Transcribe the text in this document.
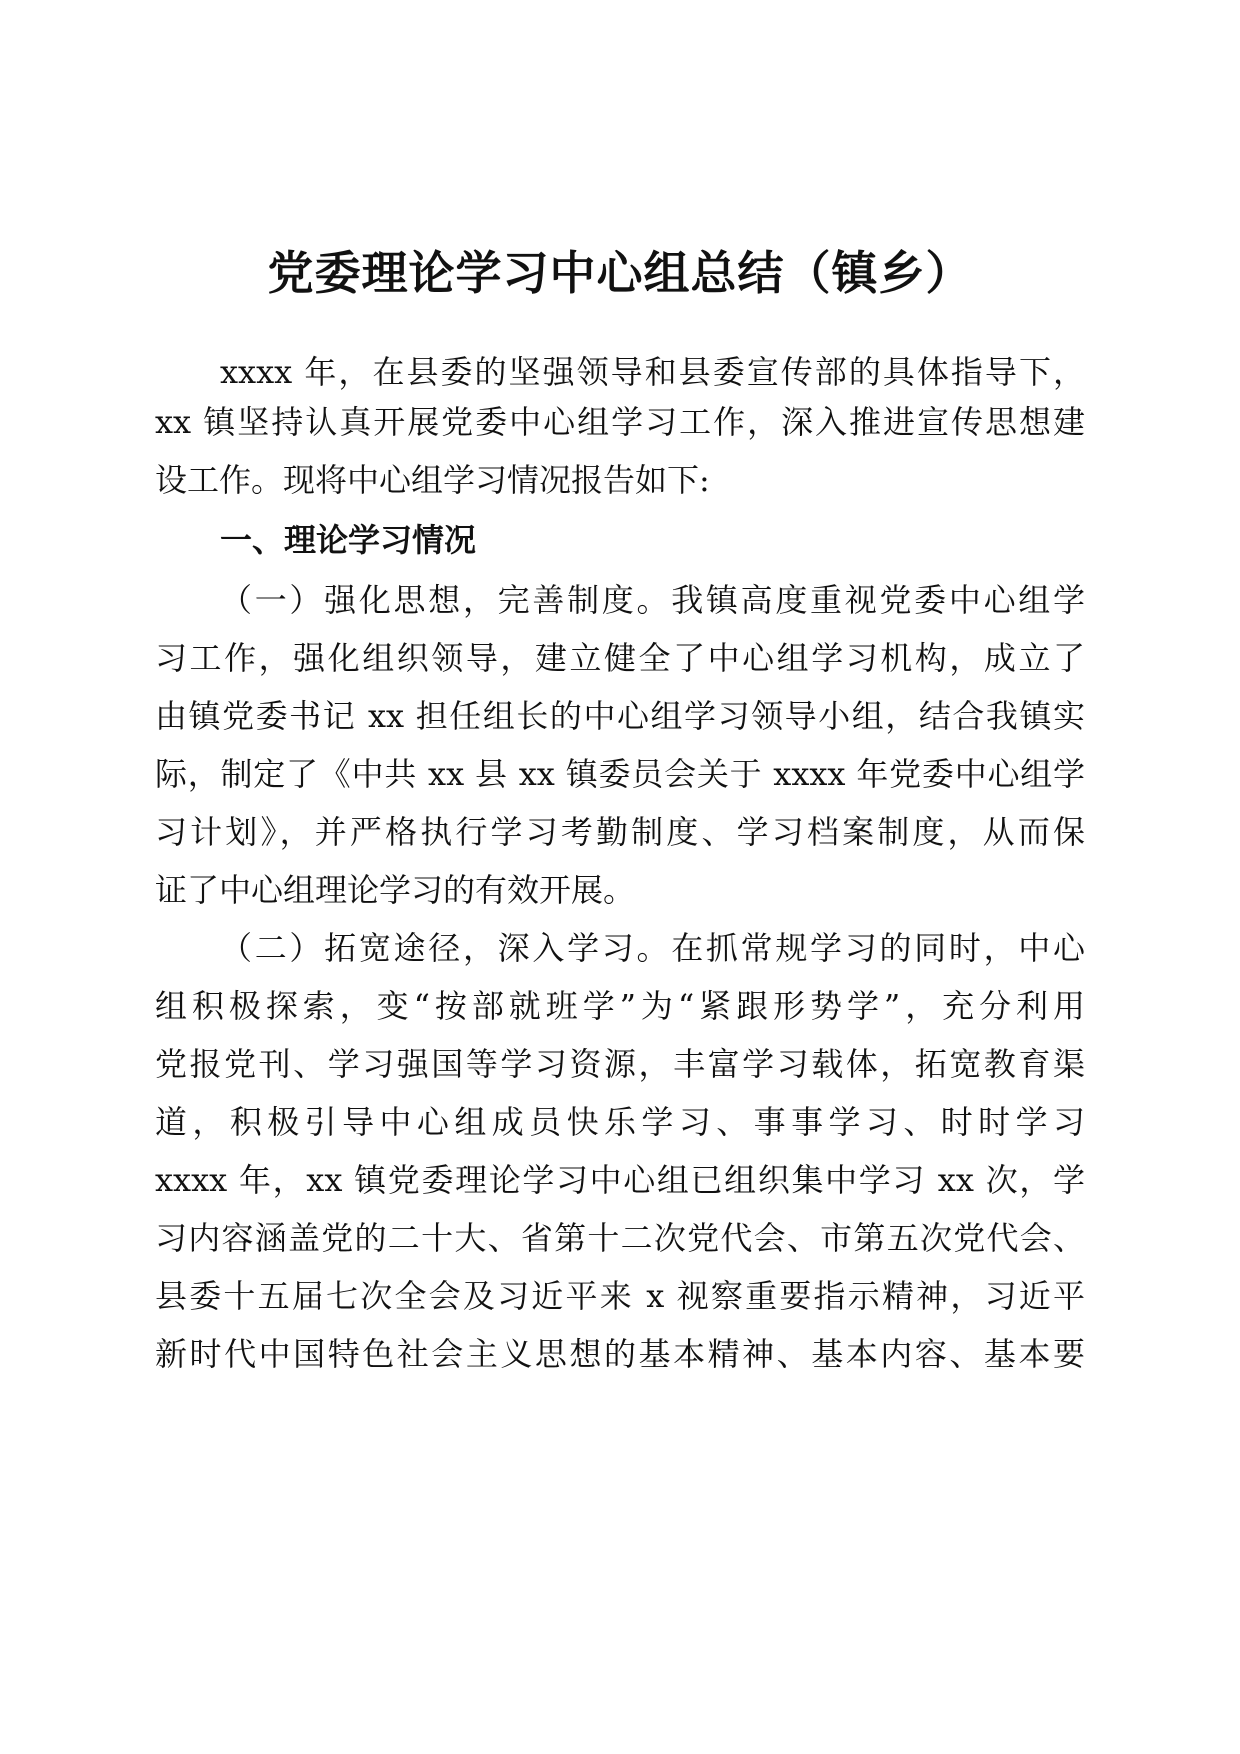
党委理论学习中心组总结（镇乡）
xxxx 年，在县委的坚强领导和县委宣传部的具体指导下，
xx 镇坚持认真开展党委中心组学习工作，深入推进宣传思想建
设工作。现将中心组学习情况报告如下:
一、理论学习情况
（一）强化思想，完善制度。我镇高度重视党委中心组学
习工作，强化组织领导，建立健全了中心组学习机构，成立了
由镇党委书记 xx 担任组长的中心组学习领导小组，结合我镇实
际，制定了《中共 xx 县 xx 镇委员会关于 xxxx 年党委中心组学
习计划》，并严格执行学习考勤制度、学习档案制度，从而保
证了中心组理论学习的有效开展。
（二）拓宽途径，深入学习。在抓常规学习的同时，中心
组积极探索，变“按部就班学”为“紧跟形势学”，充分利用
党报党刊、学习强国等学习资源，丰富学习载体，拓宽教育渠
道，积极引导中心组成员快乐学习、事事学习、时时学习
xxxx 年，xx 镇党委理论学习中心组已组织集中学习 xx 次，学
习内容涵盖党的二十大、省第十二次党代会、市第五次党代会、
县委十五届七次全会及习近平来 x 视察重要指示精神，习近平
新时代中国特色社会主义思想的基本精神、基本内容、基本要
